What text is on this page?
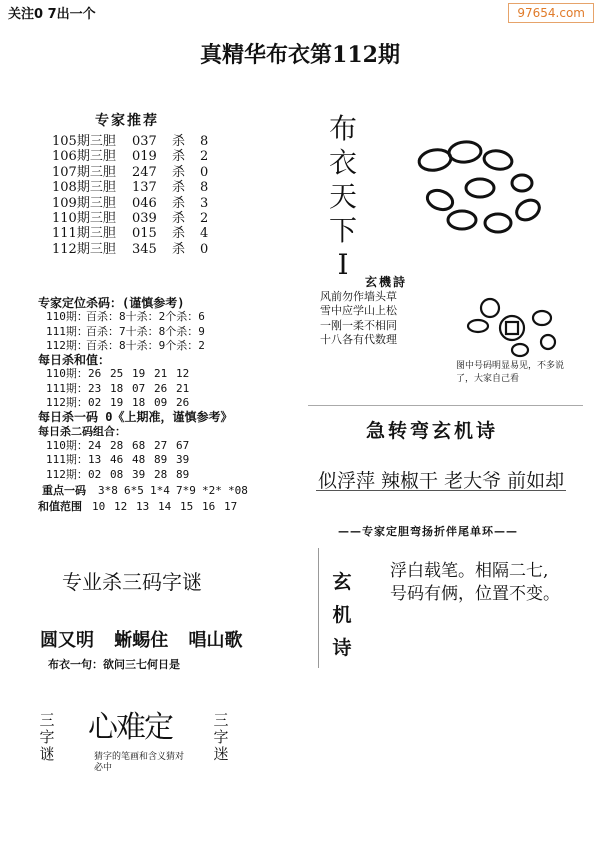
关注0 7出一个	97654.com
真精华布衣第112期
专家推荐
105期三胆 037 杀 8
106期三胆 019 杀 2
107期三胆 247 杀 0
108期三胆 137 杀 8
109期三胆 046 杀 3
110期三胆 039 杀 2
111期三胆 015 杀 4
112期三胆 345 杀 0
专家定位杀码：(谨慎参考)
110期：百杀：8十杀：2个杀：6
111期：百杀：7十杀：8个杀：9
112期：百杀：8十杀：9个杀：2
每日杀和值：
110期：26 25 19 21 12
111期：23 18 07 26 21
112期：02 19 18 09 26
每日杀一码 0《上期准，谨慎参考》
每日杀二码组合：
110期：24 28 68 27 67
111期：13 46 48 89 39
112期：02 08 39 28 89
重点一码 3*8 6*5 1*4 7*9 *2* *08
和值范围 10 12 13 14 15 16 17
专业杀三码字谜
圆又明 蜥蜴住 唱山歌
布衣一句：欲问三七何日是
三字谜
心难定
猜字的笔画和含义猜对必中
三字迷
布衣天下I
玄機詩
风前勿作墙头草
雪中应学山上松
一刚一柔不相同
十八各有代数理
图中号码明显易见，不多说了，大家自己看
急转弯玄机诗
似浮萍 辣椒干 老大爷 前如却
——专家定胆弯扬折伴尾单环——
玄机诗
浮白载笔。相隔二七,
号码有俩，位置不变。
